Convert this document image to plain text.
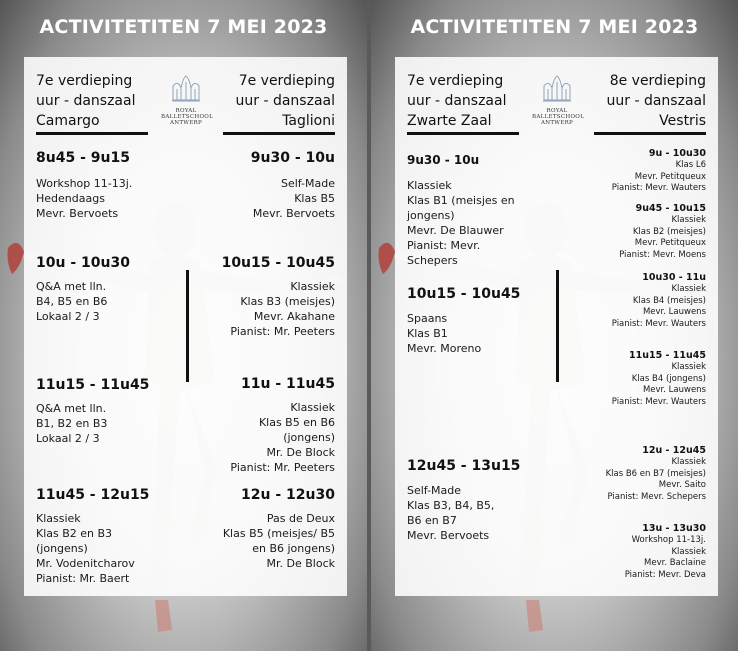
ACTIVITETITEN 7 MEI 2023
7e verdieping
uur - danszaal
Camargo
7e verdieping
uur - danszaal
Taglioni
ROYAL
BALLETSCHOOL
ANTWERP
8u45 - 9u15
Workshop 11-13j.
Hedendaags
Mevr. Bervoets
10u - 10u30
Q&A met lln.
B4, B5 en B6
Lokaal 2 / 3
11u15 - 11u45
Q&A met lln.
B1, B2 en B3
Lokaal 2 / 3
11u45 - 12u15
Klassiek
Klas B2 en B3
(jongens)
Mr. Vodenitcharov
Pianist: Mr. Baert
9u30 - 10u
Self-Made
Klas B5
Mevr. Bervoets
10u15 - 10u45
Klassiek
Klas B3 (meisjes)
Mevr. Akahane
Pianist: Mr. Peeters
11u - 11u45
Klassiek
Klas B5 en B6
(jongens)
Mr. De Block
Pianist: Mr. Peeters
12u - 12u30
Pas de Deux
Klas B5 (meisjes/ B5
en B6 jongens)
Mr. De Block
ACTIVITETITEN 7 MEI 2023
7e verdieping
uur - danszaal
Zwarte Zaal
8e verdieping
uur - danszaal
Vestris
ROYAL
BALLETSCHOOL
ANTWERP
9u30 - 10u
Klassiek
Klas B1 (meisjes en
jongens)
Mevr. De Blauwer
Pianist: Mevr.
Schepers
10u15 - 10u45
Spaans
Klas B1
Mevr. Moreno
12u45 - 13u15
Self-Made
Klas B3, B4, B5,
B6 en B7
Mevr. Bervoets
9u - 10u30
Klas L6
Mevr. Petitqueux
Pianist: Mevr. Wauters
9u45 - 10u15
Klassiek
Klas B2 (meisjes)
Mevr. Petitqueux
Pianist: Mevr. Moens
10u30 - 11u
Klassiek
Klas B4 (meisjes)
Mevr. Lauwens
Pianist: Mevr. Wauters
11u15 - 11u45
Klassiek
Klas B4 (jongens)
Mevr. Lauwens
Pianist: Mevr. Wauters
12u - 12u45
Klassiek
Klas B6 en B7 (meisjes)
Mevr. Saito
Pianist: Mevr. Schepers
13u - 13u30
Workshop 11-13j.
Klassiek
Mevr. Baclaine
Pianist: Mevr. Deva
